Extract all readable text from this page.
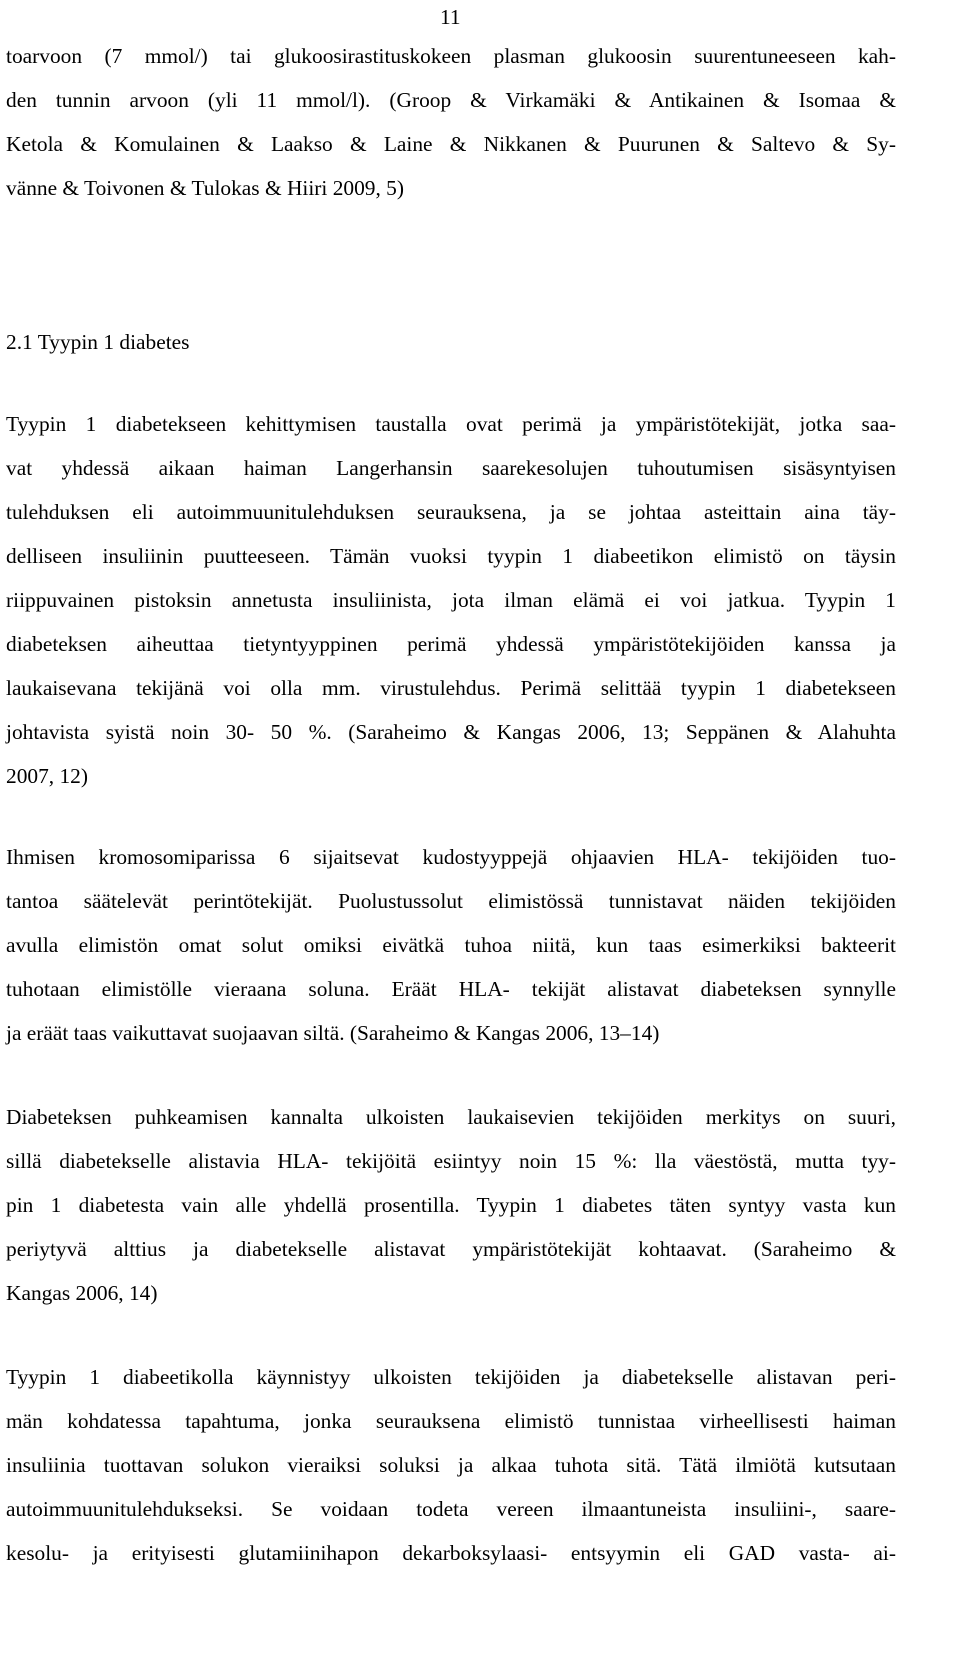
11
toarvoon (7 mmol/) tai glukoosirastituskokeen plasman glukoosin suurentuneeseen kah-
den tunnin arvoon (yli 11 mmol/l). (Groop & Virkamäki & Antikainen & Isomaa &
Ketola & Komulainen & Laakso & Laine & Nikkanen & Puurunen & Saltevo & Sy-
vänne & Toivonen & Tulokas & Hiiri 2009, 5)
2.1 Tyypin 1 diabetes
Tyypin 1 diabetekseen kehittymisen taustalla ovat perimä ja ympäristötekijät, jotka saa-
vat yhdessä aikaan haiman Langerhansin saarekesolujen tuhoutumisen sisäsyntyisen
tulehduksen eli autoimmuunitulehduksen seurauksena, ja se johtaa asteittain aina täy-
delliseen insuliinin puutteeseen. Tämän vuoksi tyypin 1 diabeetikon elimistö on täysin
riippuvainen pistoksin annetusta insuliinista, jota ilman elämä ei voi jatkua. Tyypin 1
diabeteksen aiheuttaa tietyntyyppinen perimä yhdessä ympäristötekijöiden kanssa ja
laukaisevana tekijänä voi olla mm. virustulehdus. Perimä selittää tyypin 1 diabetekseen
johtavista syistä noin 30- 50 %. (Saraheimo & Kangas 2006, 13; Seppänen & Alahuhta
2007, 12)
Ihmisen kromosomiparissa 6 sijaitsevat kudostyyppejä ohjaavien HLA- tekijöiden tuo-
tantoa säätelevät perintötekijät. Puolustussolut elimistössä tunnistavat näiden tekijöiden
avulla elimistön omat solut omiksi eivätkä tuhoa niitä, kun taas esimerkiksi bakteerit
tuhotaan elimistölle vieraana soluna. Eräät HLA- tekijät alistavat diabeteksen synnylle
ja eräät taas vaikuttavat suojaavan siltä. (Saraheimo & Kangas 2006, 13–14)
Diabeteksen puhkeamisen kannalta ulkoisten laukaisevien tekijöiden merkitys on suuri,
sillä diabetekselle alistavia HLA- tekijöitä esiintyy noin 15 %: lla väestöstä, mutta tyy-
pin 1 diabetesta vain alle yhdellä prosentilla. Tyypin 1 diabetes täten syntyy vasta kun
periytyvä alttius ja diabetekselle alistavat ympäristötekijät kohtaavat. (Saraheimo &
Kangas 2006, 14)
Tyypin 1 diabeetikolla käynnistyy ulkoisten tekijöiden ja diabetekselle alistavan peri-
män kohdatessa tapahtuma, jonka seurauksena elimistö tunnistaa virheellisesti haiman
insuliinia tuottavan solukon vieraiksi soluksi ja alkaa tuhota sitä. Tätä ilmiötä kutsutaan
autoimmuunitulehdukseksi. Se voidaan todeta vereen ilmaantuneista insuliini-, saare-
kesolu- ja erityisesti glutamiinihapon dekarboksylaasi- entsyymin eli GAD vasta- ai-
